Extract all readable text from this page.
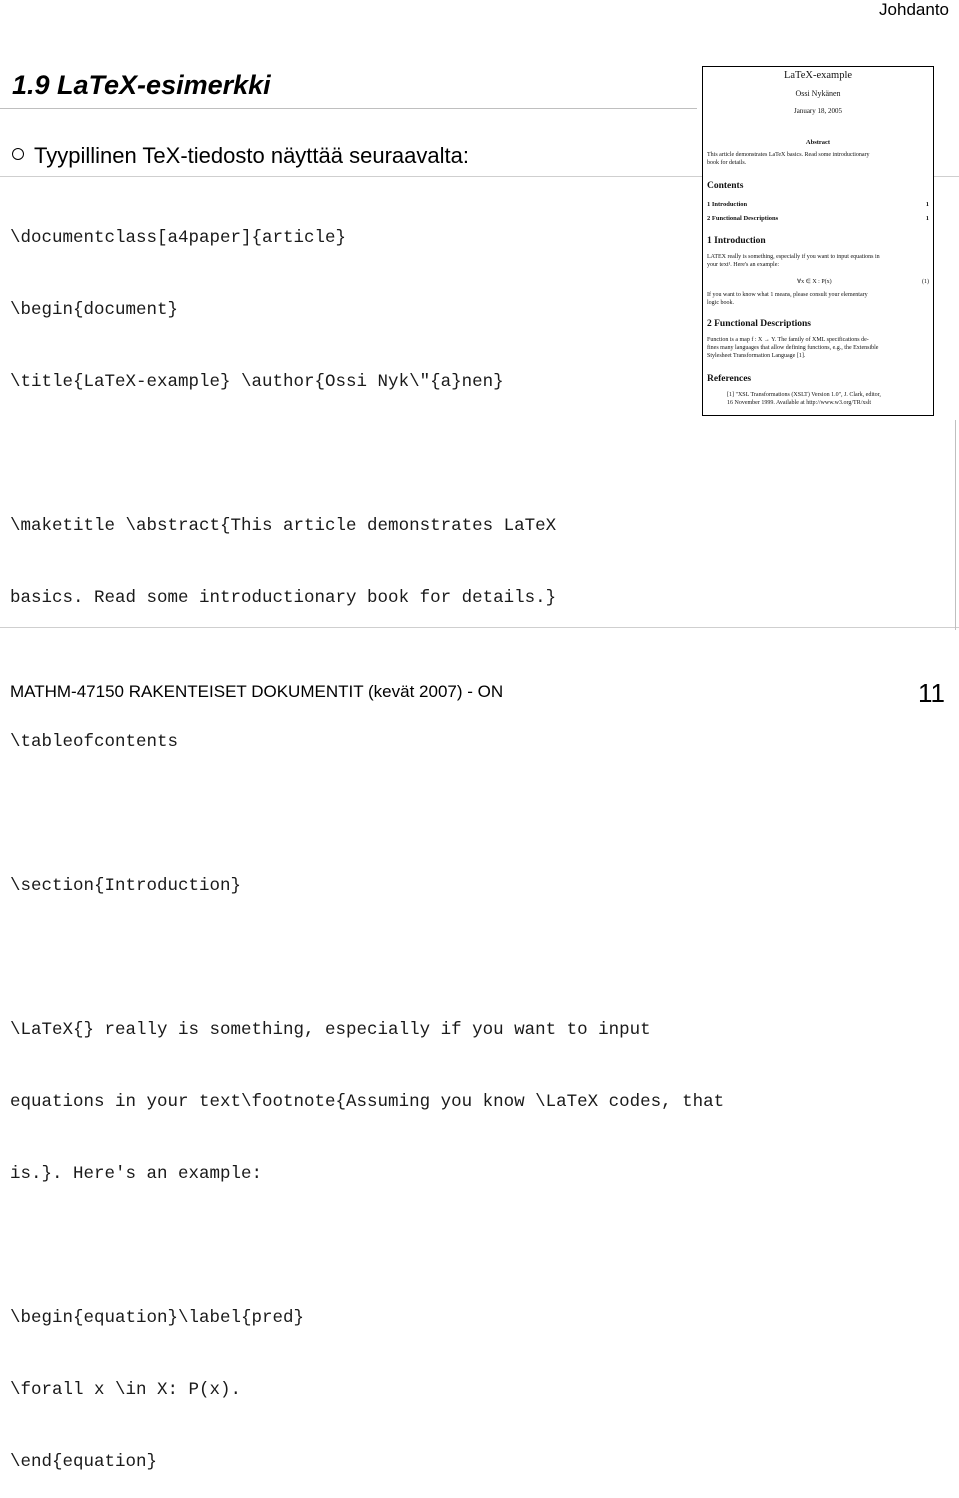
Johdanto
1.9 LaTeX-esimerkki
Tyypillinen TeX-tiedosto näyttää seuraavalta:

\documentclass[a4paper]{article}

\begin{document}

\title{LaTeX-example} \author{Ossi Nyk\"{a}nen}

\maketitle \abstract{This article demonstrates LaTeX

basics. Read some introductionary book for details.}

\tableofcontents

\section{Introduction}

\LaTeX{} really is something, especially if you want to input

equations in your text\footnote{Assuming you know \LaTeX codes, that

is.}. Here's an example:

\begin{equation}\label{pred}

\forall x \in X: P(x).

\end{equation}

LaTeX-example
Ossi Nykänen
January 18, 2005
Abstract
This article demonstrates LaTeX basics. Read some introductionary
book for details.
Contents
1 Introduction	1
2 Functional Descriptions	1
1 Introduction
LATEX really is something, especially if you want to input equations in
your text¹. Here's an example:
∀x ∈ X : P(x)	(1)
If you want to know what 1 means, please consult your elementary
logic book.
2 Functional Descriptions
Function is a map f : X → Y. The family of XML specifications de-
fines many languages that allow defining functions, e.g., the Extensible
Stylesheet Transformation Language [1].
References
[1] "XSL Transformations (XSLT) Version 1.0", J. Clark, editor,
16 November 1999. Available at http://www.w3.org/TR/xslt
MATHM-47150 RAKENTEISET DOKUMENTIT (kevät 2007) - ON	11
